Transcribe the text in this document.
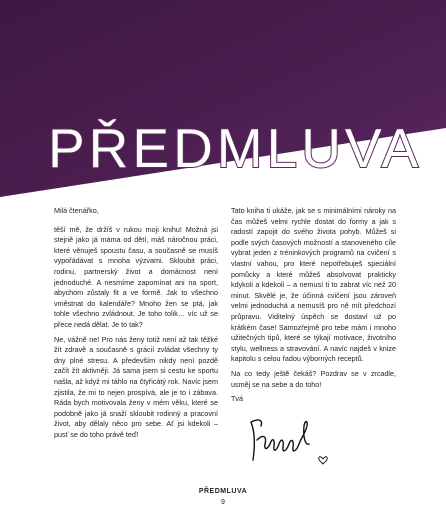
PŘEDMLUVA

Milá čtenářko,

těší mě, že držíš v rukou moji knihu! Možná jsi stejně jako já máma od dětí, máš náročnou práci, které věnuješ spoustu času, a současně se musíš vypořádávat s mnoha výzvami. Skloubit práci, rodinu, partnerský život a domácnost není jednoduché. A nesmíme zapomínat ani na sport, abychom zůstaly fit a ve formě. Jak to všechno vměstnat do kalendáře? Mnoho žen se ptá, jak tohle všechno zvládnout. Je toho tolik… víc už se přece nedá dělat. Je to tak?

Ne, vážně ne! Pro nás ženy totiž není až tak těžké žít zdravě a současně s grácií zvládat všechny ty dny plné stresu. A především nikdy není pozdě začít žít aktivněji. Já sama jsem si cestu ke sportu našla, až když mi táhlo na čtyřicátý rok. Navíc jsem zjistila, že mi to nejen prospívá, ale je to i zábava. Ráda bych motivovala ženy v mém věku, které se podobně jako já snaží skloubit rodinný a pracovní život, aby dělaly něco pro sebe. Ať jsi kdekoli – pusť se do toho právě teď!

Tato kniha ti ukáže, jak se s minimálními nároky na čas můžeš velmi rychle dostat do formy a jak s radostí zapojit do svého života pohyb. Můžeš si podle svých časových možností a stanoveného cíle vybrat jeden z tréninkových programů na cvičení s vlastní vahou, pro které nepotřebuješ speciální pomůcky a které můžeš absolvovat prakticky kdykoli a kdekoli – a nemusí ti to zabrat víc než 20 minut. Skvělé je, že účinná cvičení jsou zároveň velmi jednoduchá a nemusíš pro ně mít předchozí průpravu. Viditelný úspěch se dostaví už po krátkém čase! Samozřejmě pro tebe mám i mnoho užitečných tipů, které se týkají motivace, životního stylu, wellness a stravování. A navíc najdeš v knize kapitolu s celou řadou výborných receptů.

Na co tedy ještě čekáš? Pozdrav se v zrcadle, usměj se na sebe a do toho!

Tvá

PŘEDMLUVA
9
